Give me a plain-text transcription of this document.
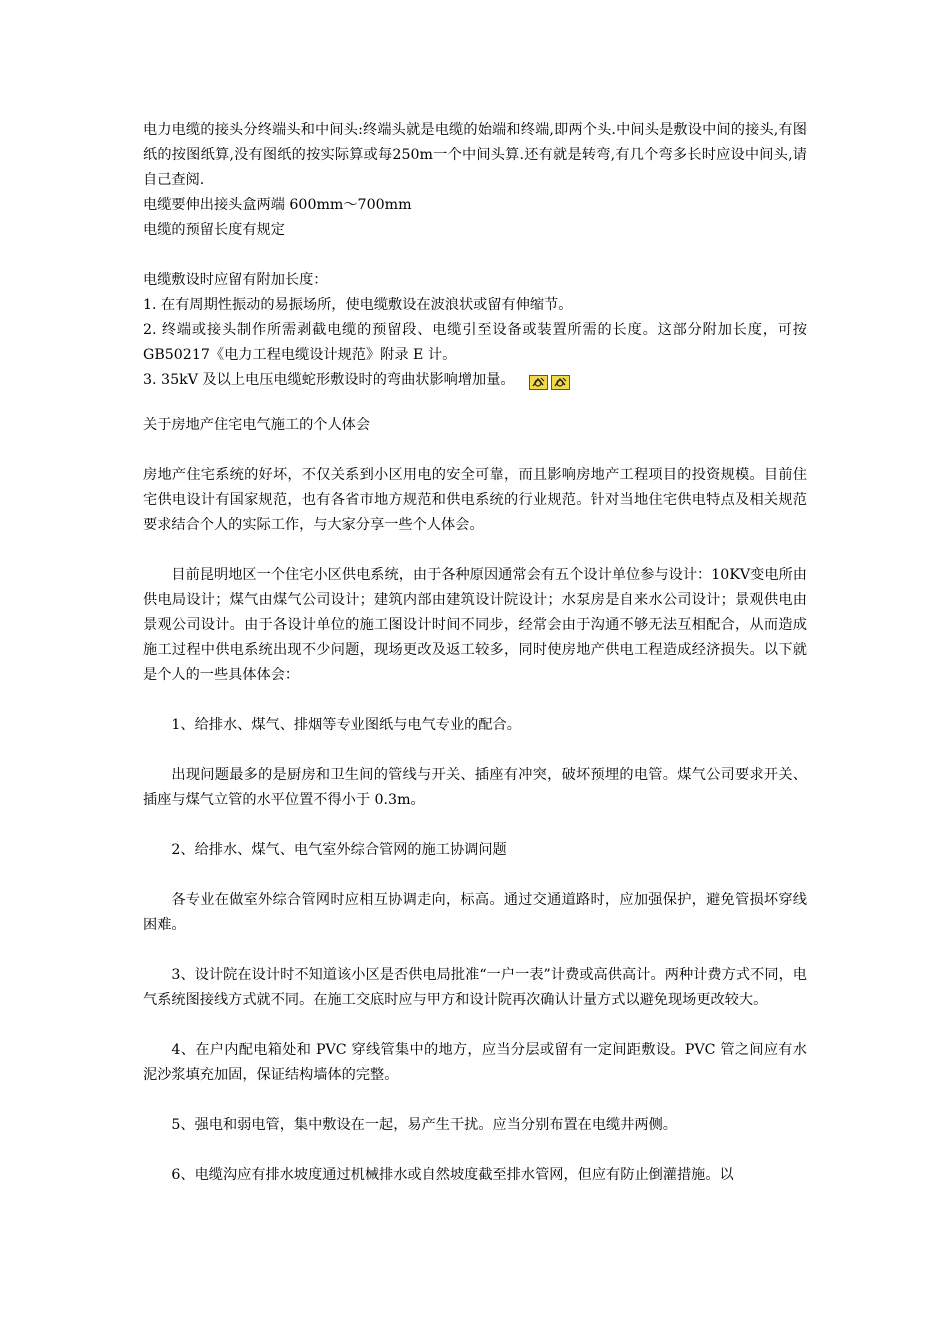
电力电缆的接头分终端头和中间头:终端头就是电缆的始端和终端,即两个头.中间头是敷设中间的接头,有图纸的按图纸算,没有图纸的按实际算或每250m一个中间头算.还有就是转弯,有几个弯多长时应设中间头,请自己查阅.

电缆要伸出接头盒两端 600mm～700mm

电缆的预留长度有规定

电缆敷设时应留有附加长度：

1. 在有周期性振动的易振场所，使电缆敷设在波浪状或留有伸缩节。

2. 终端或接头制作所需剥截电缆的预留段、电缆引至设备或装置所需的长度。这部分附加长度，可按 GB50217《电力工程电缆设计规范》附录 E 计。

3. 35kV 及以上电压电缆蛇形敷设时的弯曲状影响增加量。

关于房地产住宅电气施工的个人体会

房地产住宅系统的好坏，不仅关系到小区用电的安全可靠，而且影响房地产工程项目的投资规模。目前住宅供电设计有国家规范，也有各省市地方规范和供电系统的行业规范。针对当地住宅供电特点及相关规范要求结合个人的实际工作，与大家分享一些个人体会。

目前昆明地区一个住宅小区供电系统，由于各种原因通常会有五个设计单位参与设计：10KV变电所由供电局设计；煤气由煤气公司设计；建筑内部由建筑设计院设计；水泵房是自来水公司设计；景观供电由景观公司设计。由于各设计单位的施工图设计时间不同步，经常会由于沟通不够无法互相配合，从而造成施工过程中供电系统出现不少问题，现场更改及返工较多，同时使房地产供电工程造成经济损失。以下就是个人的一些具体体会：

1、给排水、煤气、排烟等专业图纸与电气专业的配合。

出现问题最多的是厨房和卫生间的管线与开关、插座有冲突，破坏预埋的电管。煤气公司要求开关、插座与煤气立管的水平位置不得小于 0.3m。

2、给排水、煤气、电气室外综合管网的施工协调问题

各专业在做室外综合管网时应相互协调走向，标高。通过交通道路时，应加强保护，避免管损坏穿线困难。

3、设计院在设计时不知道该小区是否供电局批准“一户一表”计费或高供高计。两种计费方式不同，电气系统图接线方式就不同。在施工交底时应与甲方和设计院再次确认计量方式以避免现场更改较大。

4、在户内配电箱处和 PVC 穿线管集中的地方，应当分层或留有一定间距敷设。PVC 管之间应有水泥沙浆填充加固，保证结构墙体的完整。

5、强电和弱电管，集中敷设在一起，易产生干扰。应当分别布置在电缆井两侧。

6、电缆沟应有排水坡度通过机械排水或自然坡度截至排水管网，但应有防止倒灌措施。以
